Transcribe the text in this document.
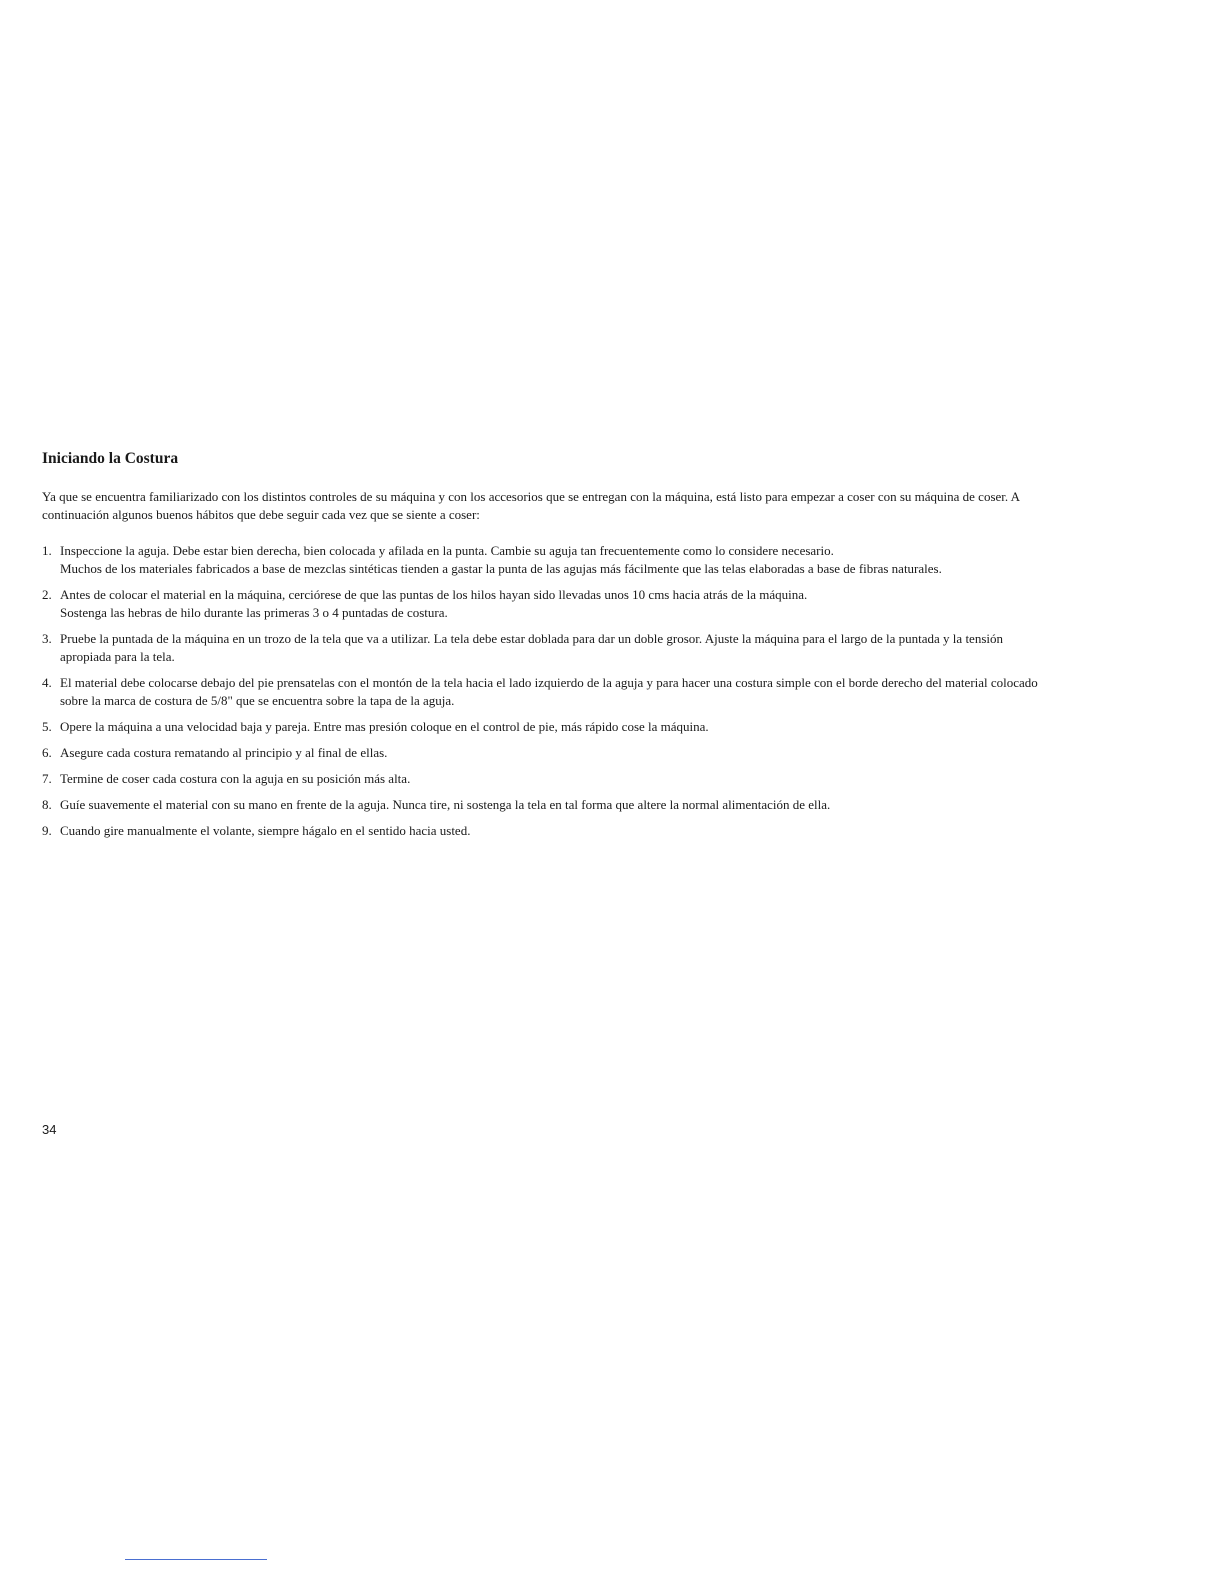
Iniciando la Costura

Ya que se encuentra familiarizado con los distintos controles de su máquina y con los accesorios que se entregan con la máquina, está listo para empezar a coser con su máquina de coser. A continuación algunos buenos hábitos que debe seguir cada vez que se siente a coser:

1. Inspeccione la aguja. Debe estar bien derecha, bien colocada y afilada en la punta. Cambie su aguja tan frecuentemente como lo considere necesario.
Muchos de los materiales fabricados a base de mezclas sintéticas tienden a gastar la punta de las agujas más fácilmente que las telas elaboradas a base de fibras naturales.
2. Antes de colocar el material en la máquina, cerciórese de que las puntas de los hilos hayan sido llevadas unos 10 cms hacia atrás de la máquina.
Sostenga las hebras de hilo durante las primeras 3 o 4 puntadas de costura.
3. Pruebe la puntada de la máquina en un trozo de la tela que va a utilizar. La tela debe estar doblada para dar un doble grosor. Ajuste la máquina para el largo de la puntada y la tensión apropiada para la tela.
4. El material debe colocarse debajo del pie prensatelas con el montón de la tela hacia el lado izquierdo de la aguja y para hacer una costura simple con el borde derecho del material colocado sobre la marca de costura de 5/8" que se encuentra sobre la tapa de la aguja.
5. Opere la máquina a una velocidad baja y pareja. Entre mas presión coloque en el control de pie, más rápido cose la máquina.
6. Asegure cada costura rematando al principio y al final de ellas.
7. Termine de coser cada costura con la aguja en su posición más alta.
8. Guíe suavemente el material con su mano en frente de la aguja. Nunca tire, ni sostenga la tela en tal forma que altere la normal alimentación de ella.
9. Cuando gire manualmente el volante, siempre hágalo en el sentido hacia usted.
34
